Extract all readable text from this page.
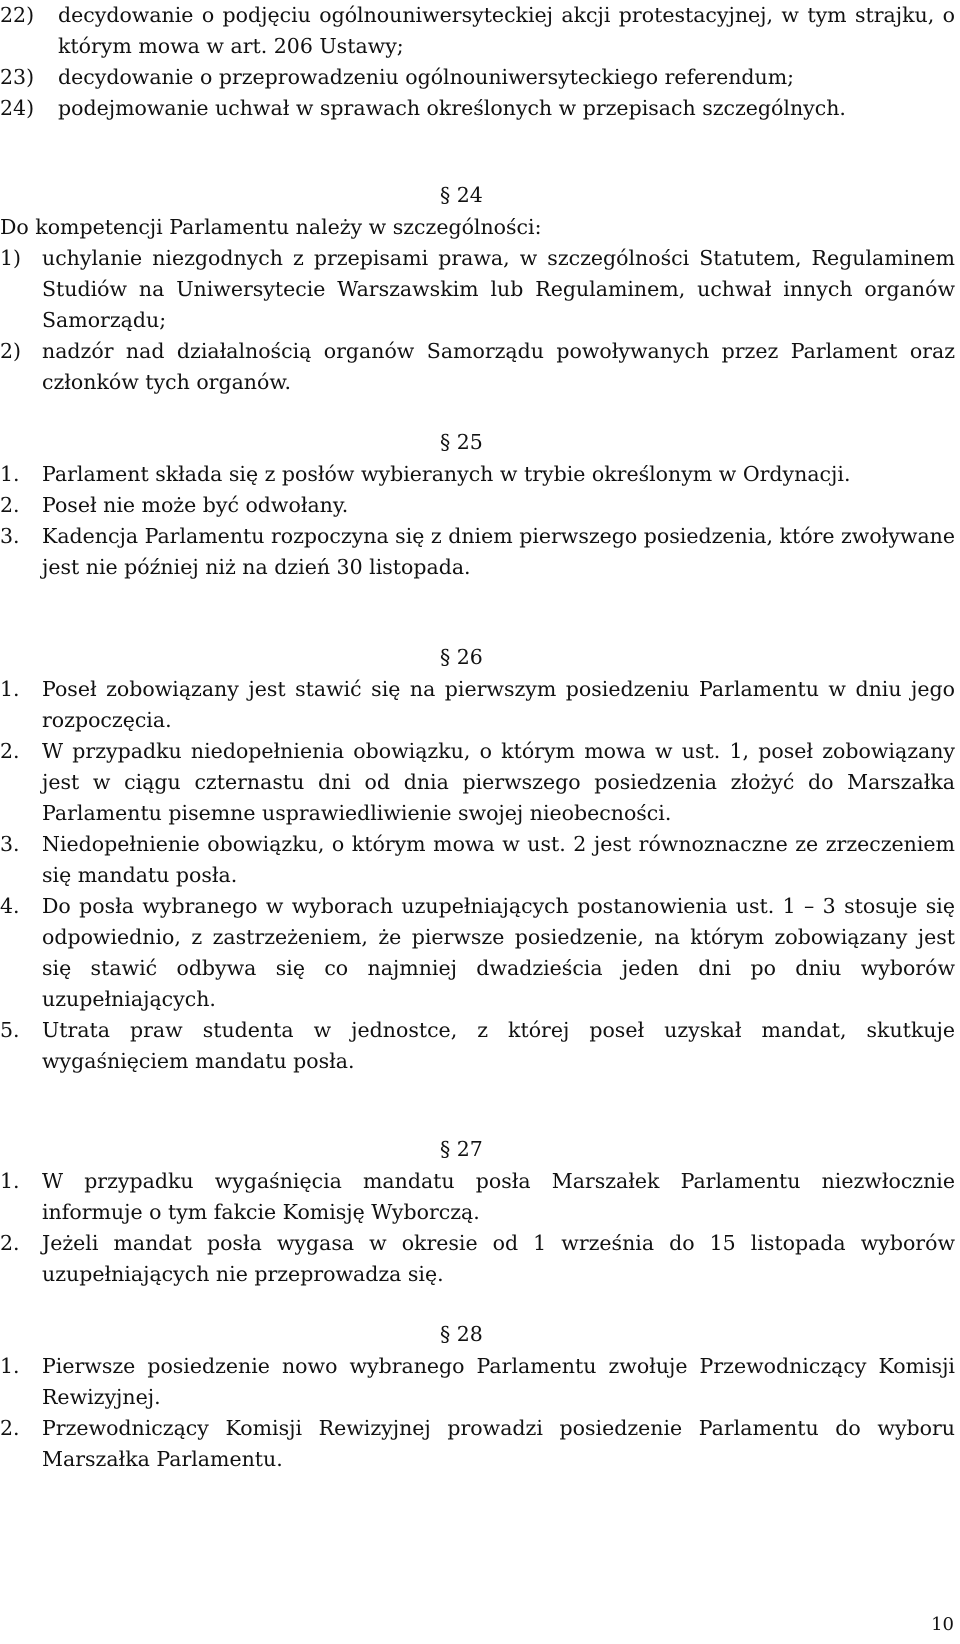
22)	decydowanie o podjęciu ogólnouniwersyteckiej akcji protestacyjnej, w tym strajku, o którym mowa w art. 206 Ustawy;
23)	decydowanie o przeprowadzeniu ogólnouniwersyteckiego referendum;
24)	podejmowanie uchwał w sprawach określonych w przepisach szczególnych.
§ 24
Do kompetencji Parlamentu należy w szczególności:
1)	uchylanie niezgodnych z przepisami prawa, w szczególności Statutem, Regulaminem Studiów na Uniwersytecie Warszawskim lub Regulaminem, uchwał innych organów Samorządu;
2)	nadzór nad działalnością organów Samorządu powoływanych przez Parlament oraz członków tych organów.
§ 25
1.	Parlament składa się z posłów wybieranych w trybie określonym w Ordynacji.
2.	Poseł nie może być odwołany.
3.	Kadencja Parlamentu rozpoczyna się z dniem pierwszego posiedzenia, które zwoływane jest nie później niż na dzień 30 listopada.
§ 26
1.	Poseł zobowiązany jest stawić się na pierwszym posiedzeniu Parlamentu w dniu jego rozpoczęcia.
2.	W przypadku niedopełnienia obowiązku, o którym mowa w ust. 1, poseł zobowiązany jest w ciągu czternastu dni od dnia pierwszego posiedzenia złożyć do Marszałka Parlamentu pisemne usprawiedliwienie swojej nieobecności.
3.	Niedopełnienie obowiązku, o którym mowa w ust. 2 jest równoznaczne ze zrzeczeniem się mandatu posła.
4.	Do posła wybranego w wyborach uzupełniających postanowienia ust. 1 – 3 stosuje się odpowiednio, z zastrzeżeniem, że pierwsze posiedzenie, na którym zobowiązany jest się stawić odbywa się co najmniej dwadzieścia jeden dni po dniu wyborów uzupełniających.
5.	Utrata praw studenta w jednostce, z której poseł uzyskał mandat, skutkuje wygaśnięciem mandatu posła.
§ 27
1.	W przypadku wygaśnięcia mandatu posła Marszałek Parlamentu niezwłocznie informuje o tym fakcie Komisję Wyborczą.
2.	Jeżeli mandat posła wygasa w okresie od 1 września do 15 listopada wyborów uzupełniających nie przeprowadza się.
§ 28
1.	Pierwsze posiedzenie nowo wybranego Parlamentu zwołuje Przewodniczący Komisji Rewizyjnej.
2.	Przewodniczący Komisji Rewizyjnej prowadzi posiedzenie Parlamentu do wyboru Marszałka Parlamentu.
10
